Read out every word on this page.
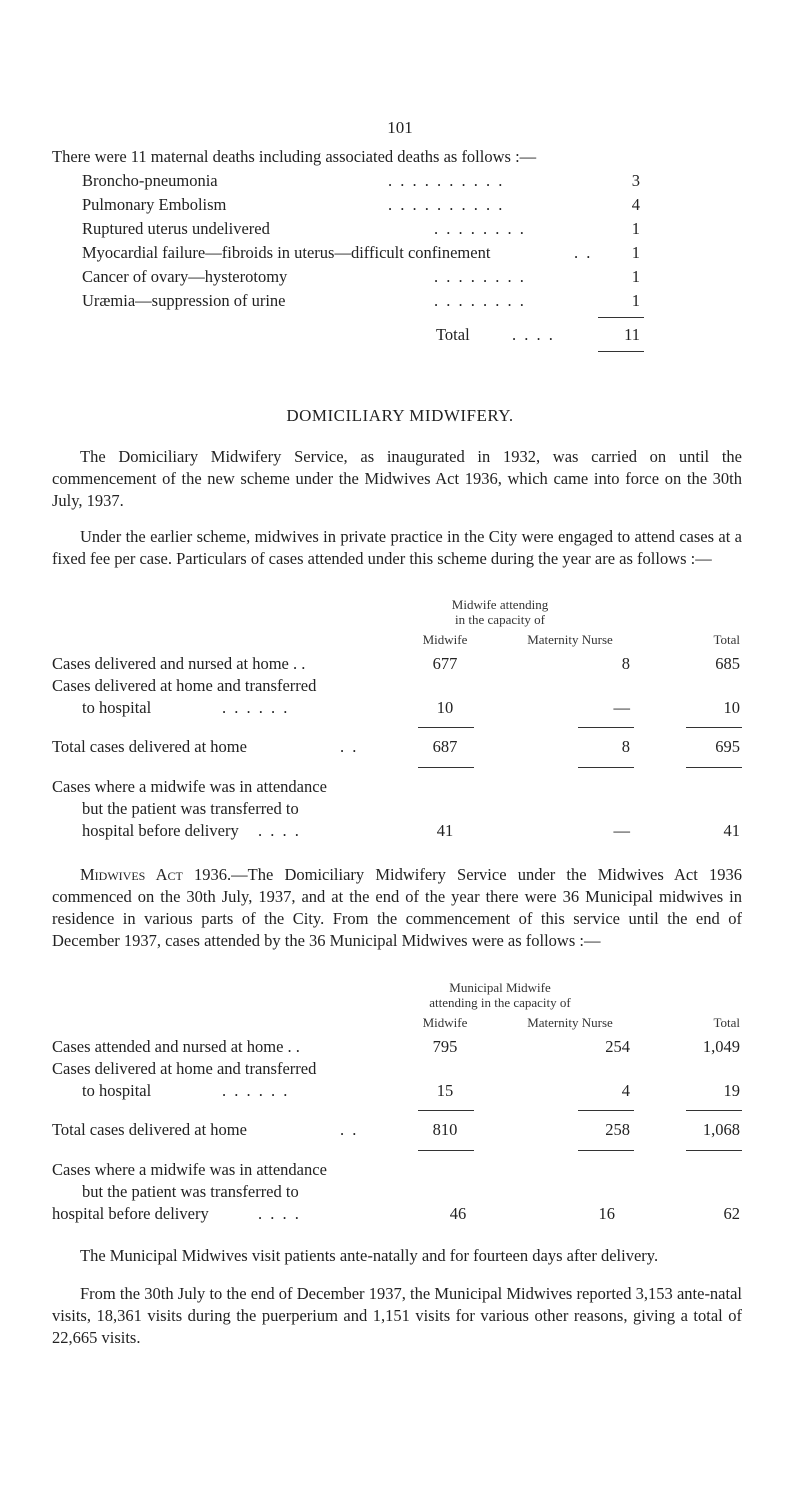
101
There were 11 maternal deaths including associated deaths as follows :—
Broncho-pneumonia	. . . . . . . . . .	3
Pulmonary Embolism	. . . . . . . . . .	4
Ruptured uterus undelivered	. . . . . . . .	1
Myocardial failure—fibroids in uterus—difficult confinement	. .	1
Cancer of ovary—hysterotomy	. . . . . . . .	1
Uræmia—suppression of urine	. . . . . . . .	1
Total	. . . .	11
DOMICILIARY MIDWIFERY.
The Domiciliary Midwifery Service, as inaugurated in 1932, was carried on until the commencement of the new scheme under the Midwives Act 1936, which came into force on the 30th July, 1937.
Under the earlier scheme, midwives in private practice in the City were engaged to attend cases at a fixed fee per case. Particulars of cases attended under this scheme during the year are as follows :—
Midwife attending
in the capacity of
Midwife	Maternity Nurse	Total
Cases delivered and nursed at home . .	677	8	685
Cases delivered at home and transferred
to hospital	. . . . . .	10	—	10
Total cases delivered at home	. .	687	8	695
Cases where a midwife was in attendance
but the patient was transferred to
hospital before delivery . . . .	41	—	41
Midwives Act 1936.—The Domiciliary Midwifery Service under the Midwives Act 1936 commenced on the 30th July, 1937, and at the end of the year there were 36 Municipal midwives in residence in various parts of the City. From the commencement of this service until the end of December 1937, cases attended by the 36 Municipal Midwives were as follows :—
Municipal Midwife
attending in the capacity of
Midwife	Maternity Nurse	Total
Cases attended and nursed at home . .	795	254	1,049
Cases delivered at home and transferred
to hospital	. . . . . .	15	4	19
Total cases delivered at home	. .	810	258	1,068
Cases where a midwife was in attendance
but the patient was transferred to
hospital before delivery	. . . .	46	16	62
The Municipal Midwives visit patients ante-natally and for fourteen days after delivery.
From the 30th July to the end of December 1937, the Municipal Midwives reported 3,153 ante-natal visits, 18,361 visits during the puerperium and 1,151 visits for various other reasons, giving a total of 22,665 visits.
